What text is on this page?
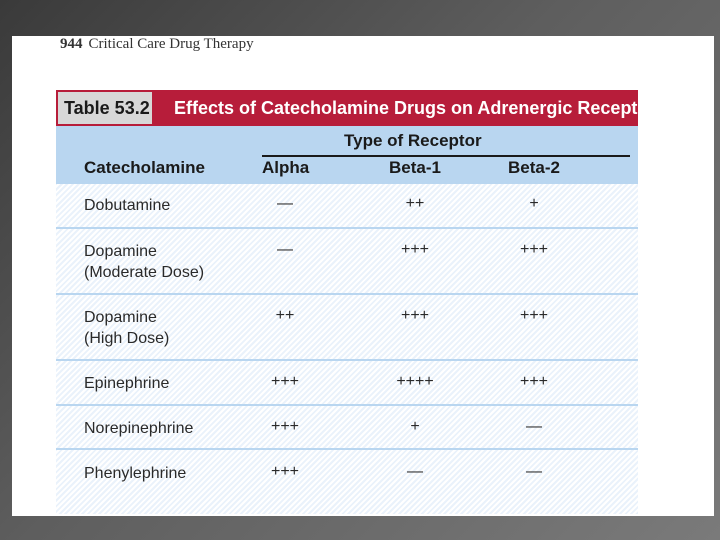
944 Critical Care Drug Therapy
Table 53.2 Effects of Catecholamine Drugs on Adrenergic Receptors
Type of Receptor
Catecholamine	Alpha	Beta-1	Beta-2
Dobutamine	—	++	+
Dopamine
(Moderate Dose)
—	+++	+++
Dopamine
(High Dose)
++	+++	+++
Epinephrine	+++	++++	+++
Norepinephrine	+++	+	—
Phenylephrine	+++	—	—
